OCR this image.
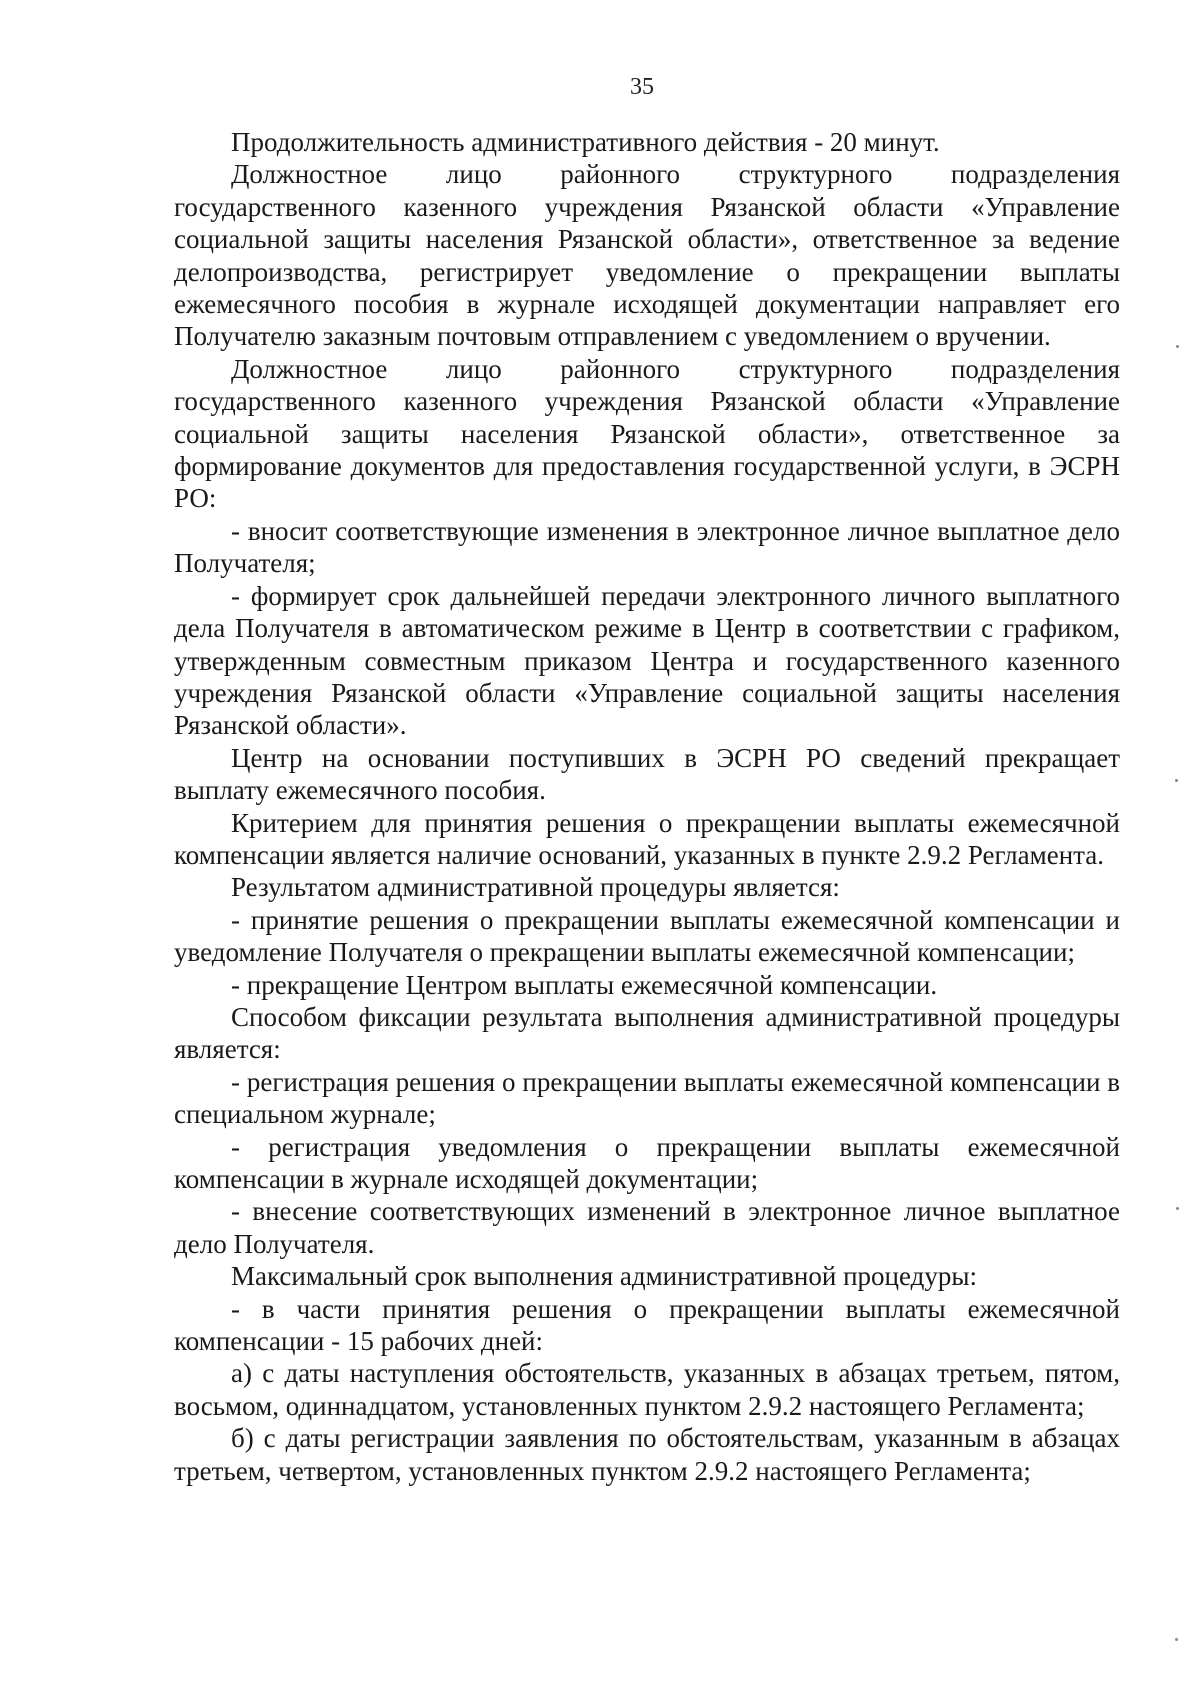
35

Продолжительность административного действия - 20 минут.

Должностное лицо районного структурного подразделения государственного казенного учреждения Рязанской области «Управление социальной защиты населения Рязанской области», ответственное за ведение делопроизводства, регистрирует уведомление о прекращении выплаты ежемесячного пособия в журнале исходящей документации направляет его Получателю заказным почтовым отправлением с уведомлением о вручении.

Должностное лицо районного структурного подразделения государственного казенного учреждения Рязанской области «Управление социальной защиты населения Рязанской области», ответственное за формирование документов для предоставления государственной услуги, в ЭСРН РО:

- вносит соответствующие изменения в электронное личное выплатное дело Получателя;

- формирует срок дальнейшей передачи электронного личного выплатного дела Получателя в автоматическом режиме в Центр в соответствии с графиком, утвержденным совместным приказом Центра и государственного казенного учреждения Рязанской области «Управление социальной защиты населения Рязанской области».

Центр на основании поступивших в ЭСРН РО сведений прекращает выплату ежемесячного пособия.

Критерием для принятия решения о прекращении выплаты ежемесячной компенсации является наличие оснований, указанных в пункте 2.9.2 Регламента.

Результатом административной процедуры является:

- принятие решения о прекращении выплаты ежемесячной компенсации и уведомление Получателя о прекращении выплаты ежемесячной компенсации;

- прекращение Центром выплаты ежемесячной компенсации.

Способом фиксации результата выполнения административной процедуры является:

- регистрация решения о прекращении выплаты ежемесячной компенсации в специальном журнале;

- регистрация уведомления о прекращении выплаты ежемесячной компенсации в журнале исходящей документации;

- внесение соответствующих изменений в электронное личное выплатное дело Получателя.

Максимальный срок выполнения административной процедуры:

- в части принятия решения о прекращении выплаты ежемесячной компенсации - 15 рабочих дней:

а) с даты наступления обстоятельств, указанных в абзацах третьем, пятом, восьмом, одиннадцатом, установленных пунктом 2.9.2 настоящего Регламента;

б) с даты регистрации заявления по обстоятельствам, указанным в абзацах третьем, четвертом, установленных пунктом 2.9.2 настоящего Регламента;
